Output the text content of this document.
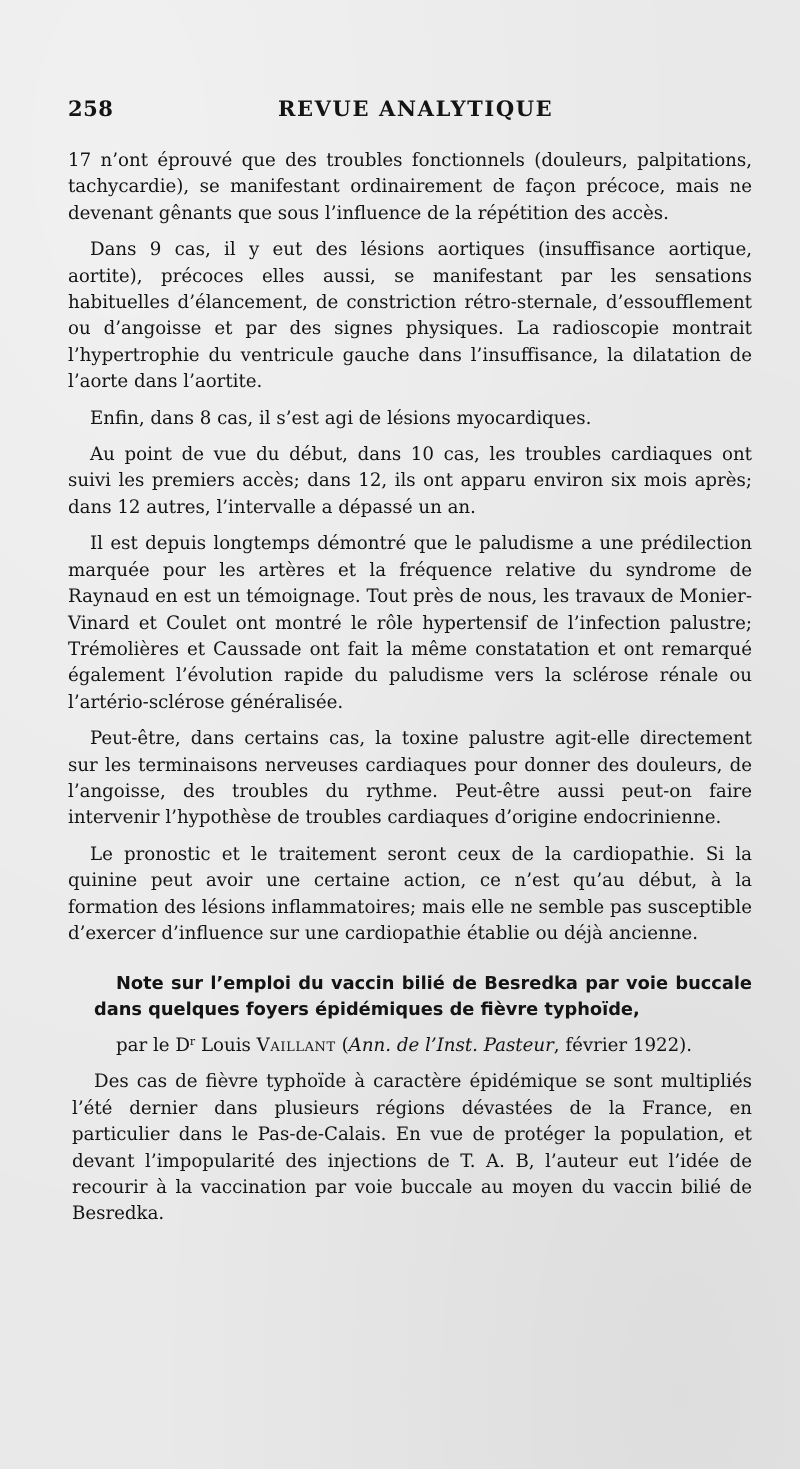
258	REVUE ANALYTIQUE

17 n’ont éprouvé que des troubles fonctionnels (douleurs, palpitations, tachycardie), se manifestant ordinairement de façon précoce, mais ne devenant gênants que sous l’influence de la répétition des accès.

Dans 9 cas, il y eut des lésions aortiques (insuffisance aortique, aortite), précoces elles aussi, se manifestant par les sensations habituelles d’élancement, de constriction rétro-sternale, d’essoufflement ou d’angoisse et par des signes physiques. La radioscopie montrait l’hypertrophie du ventricule gauche dans l’insuffisance, la dilatation de l’aorte dans l’aortite.

Enfin, dans 8 cas, il s’est agi de lésions myocardiques.

Au point de vue du début, dans 10 cas, les troubles cardiaques ont suivi les premiers accès; dans 12, ils ont apparu environ six mois après; dans 12 autres, l’intervalle a dépassé un an.

Il est depuis longtemps démontré que le paludisme a une prédilection marquée pour les artères et la fréquence relative du syndrome de Raynaud en est un témoignage. Tout près de nous, les travaux de Monier-Vinard et Coulet ont montré le rôle hypertensif de l’infection palustre; Trémolières et Caussade ont fait la même constatation et ont remarqué également l’évolution rapide du paludisme vers la sclérose rénale ou l’artério-sclérose généralisée.

Peut-être, dans certains cas, la toxine palustre agit-elle directement sur les terminaisons nerveuses cardiaques pour donner des douleurs, de l’angoisse, des troubles du rythme. Peut-être aussi peut-on faire intervenir l’hypothèse de troubles cardiaques d’origine endocrinienne.

Le pronostic et le traitement seront ceux de la cardiopathie. Si la quinine peut avoir une certaine action, ce n’est qu’au début, à la formation des lésions inflammatoires; mais elle ne semble pas susceptible d’exercer d’influence sur une cardiopathie établie ou déjà ancienne.

Note sur l’emploi du vaccin bilié de Besredka par voie buccale dans quelques foyers épidémiques de fièvre typhoïde,

par le $D^r$ Louis Vaillant (Ann. de l’Inst. Pasteur, février 1922).

Des cas de fièvre typhoïde à caractère épidémique se sont multipliés l’été dernier dans plusieurs régions dévastées de la France, en particulier dans le Pas-de-Calais. En vue de protéger la population, et devant l’impopularité des injections de T. A. B, l’auteur eut l’idée de recourir à la vaccination par voie buccale au moyen du vaccin bilié de Besredka.
